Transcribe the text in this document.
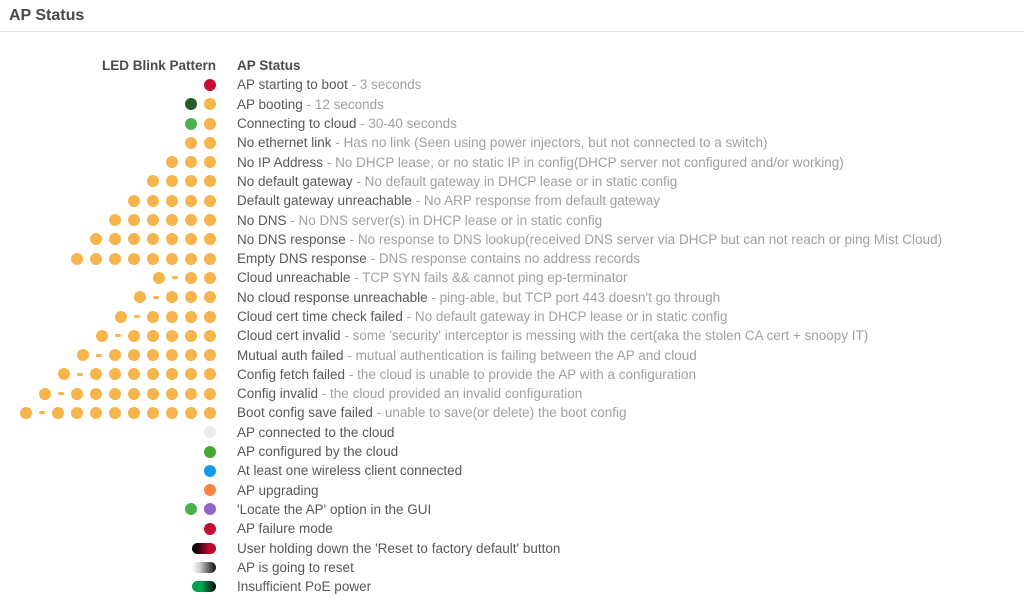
AP Status
LED Blink Pattern AP Status
AP starting to boot - 3 seconds
AP booting - 12 seconds
Connecting to cloud - 30-40 seconds
No ethernet link - Has no link (Seen using power injectors, but not connected to a switch)
No IP Address - No DHCP lease, or no static IP in config(DHCP server not configured and/or working)
No default gateway - No default gateway in DHCP lease or in static config
Default gateway unreachable - No ARP response from default gateway
No DNS - No DNS server(s) in DHCP lease or in static config
No DNS response - No response to DNS lookup(received DNS server via DHCP but can not reach or ping Mist Cloud)
Empty DNS response - DNS response contains no address records
Cloud unreachable - TCP SYN fails && cannot ping ep-terminator
No cloud response unreachable - ping-able, but TCP port 443 doesn't go through
Cloud cert time check failed - No default gateway in DHCP lease or in static config
Cloud cert invalid - some 'security' interceptor is messing with the cert(aka the stolen CA cert + snoopy IT)
Mutual auth failed - mutual authentication is failing between the AP and cloud
Config fetch failed - the cloud is unable to provide the AP with a configuration
Config invalid - the cloud provided an invalid configuration
Boot config save failed - unable to save(or delete) the boot config
AP connected to the cloud
AP configured by the cloud
At least one wireless client connected
AP upgrading
'Locate the AP' option in the GUI
AP failure mode
User holding down the 'Reset to factory default' button
AP is going to reset
Insufficient PoE power
